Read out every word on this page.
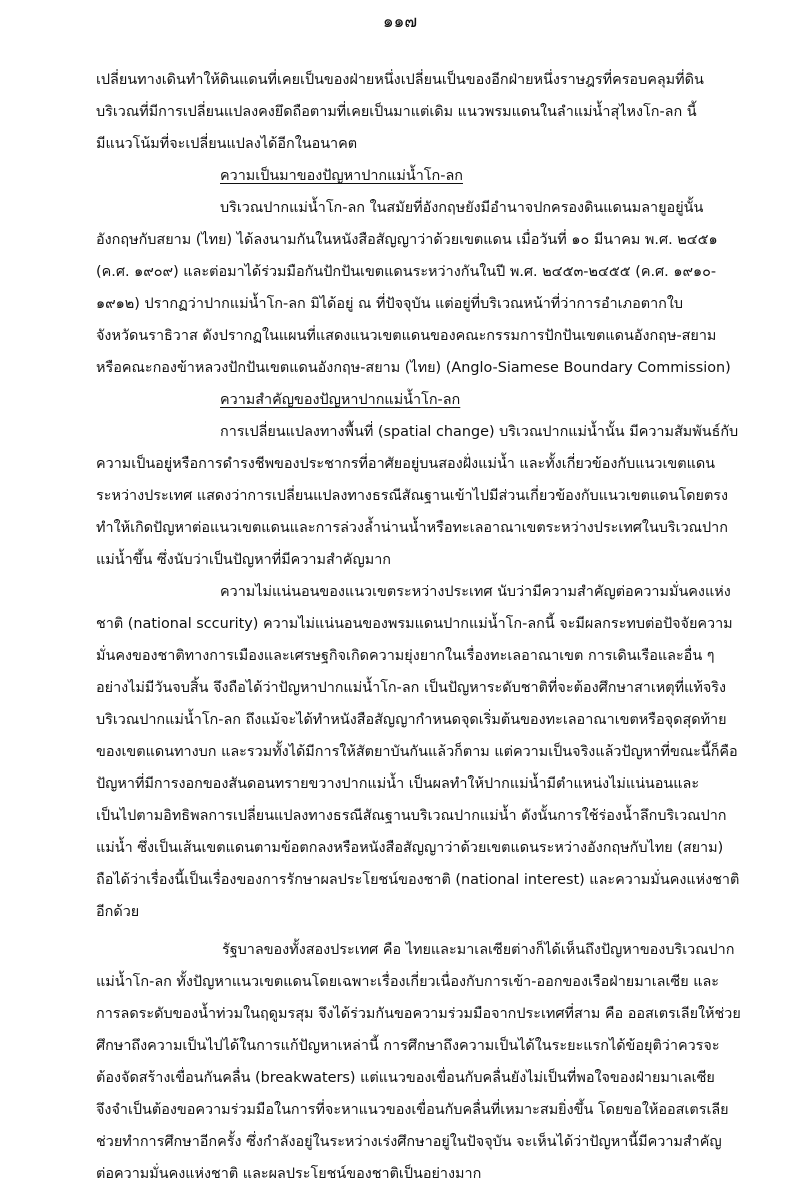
๑๑๗
เปลี่ยนทางเดินทำให้ดินแดนที่เคยเป็นของฝ่ายหนึ่งเปลี่ยนเป็นของอีกฝ่ายหนึ่งราษฎรที่ครอบคลุมที่ดิน
บริเวณที่มีการเปลี่ยนแปลงคงยึดถือตามที่เคยเป็นมาแต่เดิม แนวพรมแดนในลำแม่น้ำสุไหงโก-ลก นี้
มีแนวโน้มที่จะเปลี่ยนแปลงได้อีกในอนาคต
ความเป็นมาของปัญหาปากแม่น้ำโก-ลก
บริเวณปากแม่น้ำโก-ลก ในสมัยที่อังกฤษยังมีอำนาจปกครองดินแดนมลายูอยู่นั้น
อังกฤษกับสยาม (ไทย) ได้ลงนามกันในหนังสือสัญญาว่าด้วยเขตแดน เมื่อวันที่ ๑๐ มีนาคม พ.ศ. ๒๔๕๑
(ค.ศ. ๑๙๐๙) และต่อมาได้ร่วมมือกันปักปันเขตแดนระหว่างกันในปี พ.ศ. ๒๔๕๓-๒๔๕๕ (ค.ศ. ๑๙๑๐-
๑๙๑๒) ปรากฏว่าปากแม่น้ำโก-ลก มิได้อยู่ ณ ที่ปัจจุบัน แต่อยู่ที่บริเวณหน้าที่ว่าการอำเภอตากใบ
จังหวัดนราธิวาส ดังปรากฏในแผนที่แสดงแนวเขตแดนของคณะกรรมการปักปันเขตแดนอังกฤษ-สยาม
หรือคณะกองข้าหลวงปักปันเขตแดนอังกฤษ-สยาม (ไทย) (Anglo-Siamese Boundary Commission)
ความสำคัญของปัญหาปากแม่น้ำโก-ลก
การเปลี่ยนแปลงทางพื้นที่ (spatial change) บริเวณปากแม่น้ำนั้น มีความสัมพันธ์กับ
ความเป็นอยู่หรือการดำรงชีพของประชากรที่อาศัยอยู่บนสองฝั่งแม่น้ำ และทั้งเกี่ยวข้องกับแนวเขตแดน
ระหว่างประเทศ แสดงว่าการเปลี่ยนแปลงทางธรณีสัณฐานเข้าไปมีส่วนเกี่ยวข้องกับแนวเขตแดนโดยตรง
ทำให้เกิดปัญหาต่อแนวเขตแดนและการล่วงล้ำน่านน้ำหรือทะเลอาณาเขตระหว่างประเทศในบริเวณปาก
แม่น้ำขึ้น ซึ่งนับว่าเป็นปัญหาที่มีความสำคัญมาก
ความไม่แน่นอนของแนวเขตระหว่างประเทศ นับว่ามีความสำคัญต่อความมั่นคงแห่ง
ชาติ (national sccurity) ความไม่แน่นอนของพรมแดนปากแม่น้ำโก-ลกนี้ จะมีผลกระทบต่อปัจจัยความ
มั่นคงของชาติทางการเมืองและเศรษฐกิจเกิดความยุ่งยากในเรื่องทะเลอาณาเขต การเดินเรือและอื่น ๆ
อย่างไม่มีวันจบสิ้น จึงถือได้ว่าปัญหาปากแม่น้ำโก-ลก เป็นปัญหาระดับชาติที่จะต้องศึกษาสาเหตุที่แท้จริง
บริเวณปากแม่น้ำโก-ลก ถึงแม้จะได้ทำหนังสือสัญญากำหนดจุดเริ่มต้นของทะเลอาณาเขตหรือจุดสุดท้าย
ของเขตแดนทางบก และรวมทั้งได้มีการให้สัตยาบันกันแล้วก็ตาม แต่ความเป็นจริงแล้วปัญหาที่ขณะนี้ก็คือ
ปัญหาที่มีการงอกของสันดอนทรายขวางปากแม่น้ำ เป็นผลทำให้ปากแม่น้ำมีตำแหน่งไม่แน่นอนและ
เป็นไปตามอิทธิพลการเปลี่ยนแปลงทางธรณีสัณฐานบริเวณปากแม่น้ำ ดังนั้นการใช้ร่องน้ำลึกบริเวณปาก
แม่น้ำ ซึ่งเป็นเส้นเขตแดนตามข้อตกลงหรือหนังสือสัญญาว่าด้วยเขตแดนระหว่างอังกฤษกับไทย (สยาม)
ถือได้ว่าเรื่องนี้เป็นเรื่องของการรักษาผลประโยชน์ของชาติ (national interest) และความมั่นคงแห่งชาติ
อีกด้วย
รัฐบาลของทั้งสองประเทศ คือ ไทยและมาเลเซียต่างก็ได้เห็นถึงปัญหาของบริเวณปาก
แม่น้ำโก-ลก ทั้งปัญหาแนวเขตแดนโดยเฉพาะเรื่องเกี่ยวเนื่องกับการเข้า-ออกของเรือฝ่ายมาเลเซีย และ
การลดระดับของน้ำท่วมในฤดูมรสุม จึงได้ร่วมกันขอความร่วมมือจากประเทศที่สาม คือ ออสเตรเลียให้ช่วย
ศึกษาถึงความเป็นไปได้ในการแก้ปัญหาเหล่านี้ การศึกษาถึงความเป็นได้ในระยะแรกได้ข้อยุติว่าควรจะ
ต้องจัดสร้างเขื่อนกันคลื่น (breakwaters) แต่แนวของเขื่อนกับคลื่นยังไม่เป็นที่พอใจของฝ่ายมาเลเซีย
จึงจำเป็นต้องขอความร่วมมือในการที่จะหาแนวของเขื่อนกับคลื่นที่เหมาะสมยิ่งขึ้น โดยขอให้ออสเตรเลีย
ช่วยทำการศึกษาอีกครั้ง ซึ่งกำลังอยู่ในระหว่างเร่งศึกษาอยู่ในปัจจุบัน จะเห็นได้ว่าปัญหานี้มีความสำคัญ
ต่อความมั่นคงแห่งชาติ และผลประโยชน์ของชาติเป็นอย่างมาก
